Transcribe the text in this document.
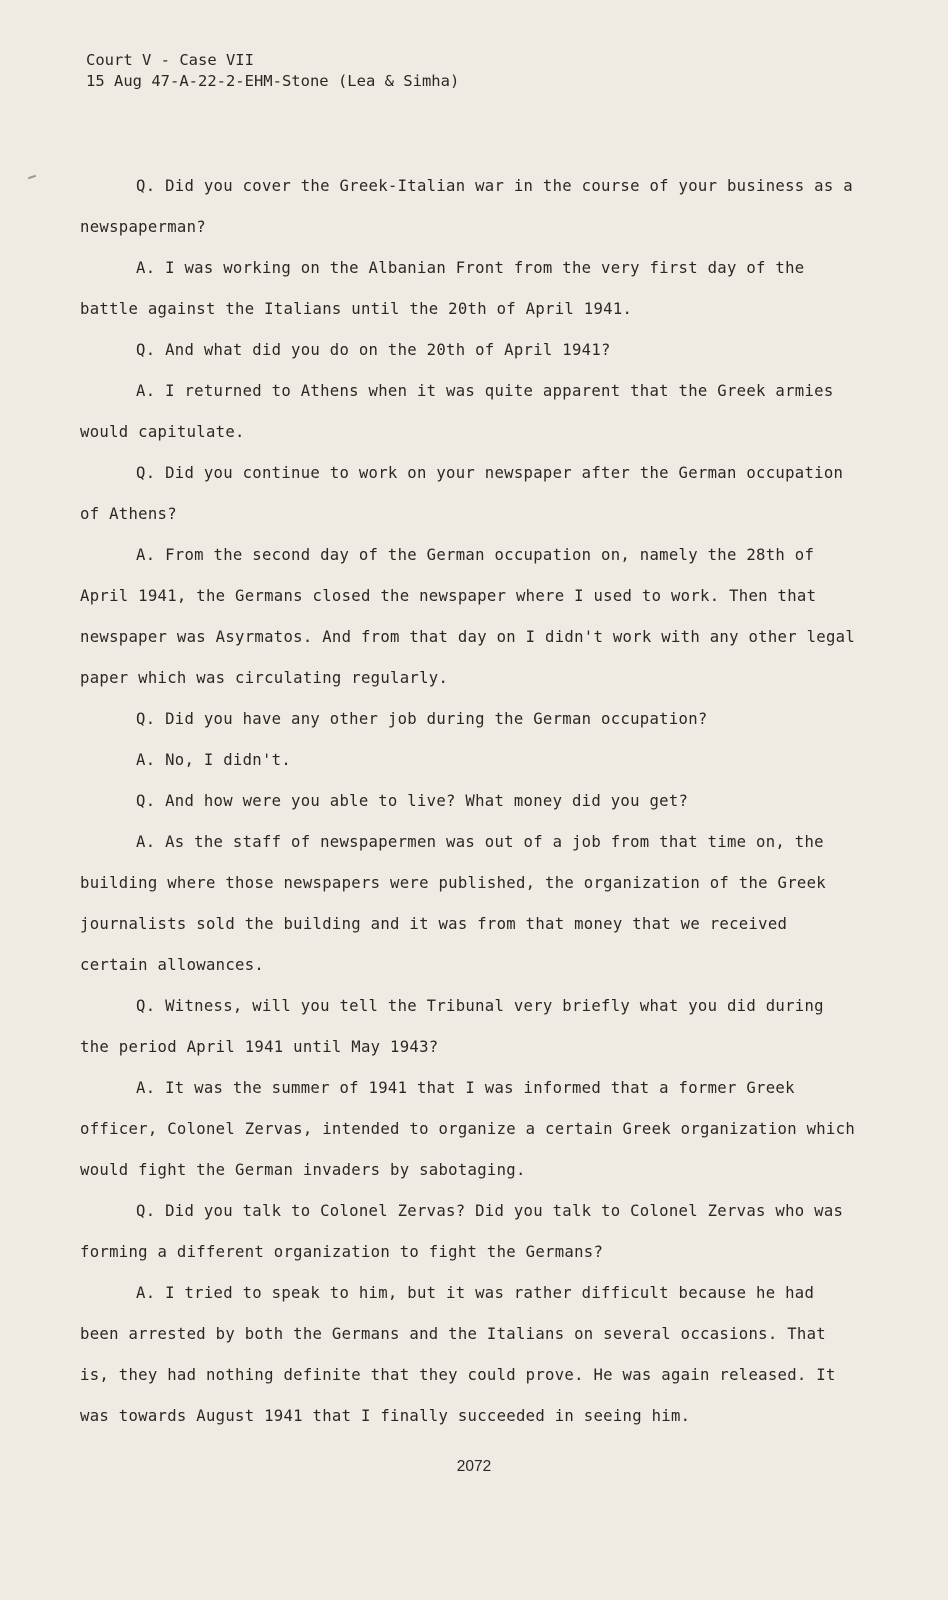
Court V - Case VII
15 Aug 47-A-22-2-EHM-Stone (Lea & Simha)

Q. Did you cover the Greek-Italian war in the course of your business as a newspaperman?

A. I was working on the Albanian Front from the very first day of the battle against the Italians until the 20th of April 1941.

Q. And what did you do on the 20th of April 1941?

A. I returned to Athens when it was quite apparent that the Greek armies would capitulate.

Q. Did you continue to work on your newspaper after the German occupation of Athens?

A. From the second day of the German occupation on, namely the 28th of April 1941, the Germans closed the newspaper where I used to work. Then that newspaper was Asyrmatos. And from that day on I didn't work with any other legal paper which was circulating regularly.

Q. Did you have any other job during the German occupation?

A. No, I didn't.

Q. And how were you able to live? What money did you get?

A. As the staff of newspapermen was out of a job from that time on, the building where those newspapers were published, the organization of the Greek journalists sold the building and it was from that money that we received certain allowances.

Q. Witness, will you tell the Tribunal very briefly what you did during the period April 1941 until May 1943?

A. It was the summer of 1941 that I was informed that a former Greek officer, Colonel Zervas, intended to organize a certain Greek organization which would fight the German invaders by sabotaging.

Q. Did you talk to Colonel Zervas? Did you talk to Colonel Zervas who was forming a different organization to fight the Germans?

A. I tried to speak to him, but it was rather difficult because he had been arrested by both the Germans and the Italians on several occasions. That is, they had nothing definite that they could prove. He was again released. It was towards August 1941 that I finally succeeded in seeing him.

2072
